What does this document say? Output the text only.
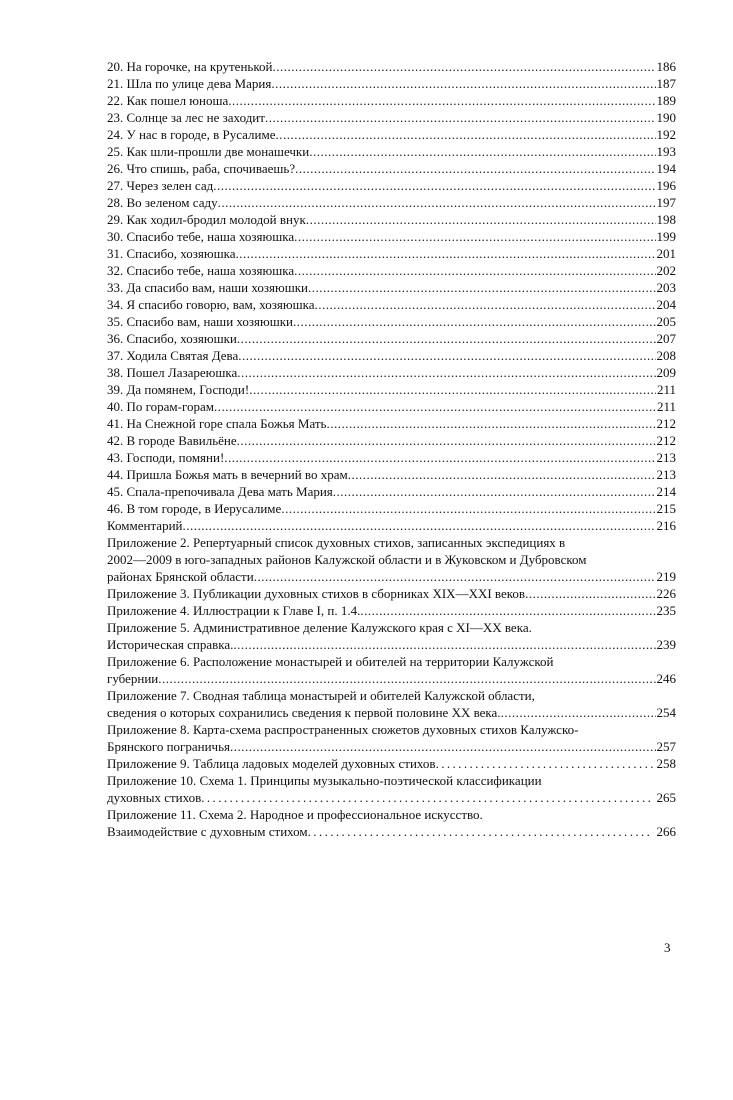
20. На горочке, на крутенькой .....	186
21. Шла по улице дева Мария .....	187
22. Как пошел юноша .....	189
23. Солнце за лес не заходит .....	190
24. У нас в городе, в Русалиме .....	192
25. Как шли-прошли две монашечки .....	193
26. Что спишь, раба, спочиваешь? .....	194
27. Через зелен сад .....	196
28. Во зеленом саду .....	197
29. Как ходил-бродил молодой внук .....	198
30. Спасибо тебе, наша хозяюшка .....	199
31. Спасибо, хозяюшка .....	201
32. Спасибо тебе, наша хозяюшка .....	202
33. Да спасибо вам, наши хозяюшки .....	203
34. Я спасибо говорю, вам, хозяюшка .....	204
35. Спасибо вам, наши хозяюшки .....	205
36. Спасибо, хозяюшки .....	207
37. Ходила Святая Дева .....	208
38. Пошел Лазареюшка .....	209
39. Да помянем, Господи! .....	211
40. По горам-горам .....	211
41. На Снежной горе спала Божья Мать .....	212
42. В городе Вавильёне .....	212
43. Господи, помяни! .....	213
44. Пришла Божья мать в вечерний во храм .....	213
45. Спала-препочивала Дева мать Мария .....	214
46. В том городе, в Иерусалиме .....	215
Комментарий .....	216
Приложение 2. Репертуарный список духовных стихов, записанных экспедициях в
2002—2009 в юго-западных районов Калужской области и в Жуковском и Дубровском
районах Брянской области .....	219
Приложение 3. Публикации духовных стихов в сборниках XIX—XXI веков .....	226
Приложение 4. Иллюстрации к Главе I, п. 1.4. .....	235
Приложение 5. Административное деление Калужского края с XI—XX века.
Историческая справка. .....	239
Приложение 6. Расположение монастырей и обителей на территории Калужской
губернии .....	246
Приложение 7. Сводная таблица монастырей и обителей Калужской области,
сведения о которых сохранились сведения к первой половине XX века. .....	254
Приложение 8. Карта-схема распространенных сюжетов духовных стихов Калужско-
Брянского пограничья .....	257
Приложение 9. Таблица ладовых моделей духовных стихов .....	258
Приложение 10. Схема 1. Принципы музыкально-поэтической классификации
духовных стихов .....	265
Приложение 11. Схема 2. Народное и профессиональное искусство.
Взаимодействие с духовным стихом .....	266
3
